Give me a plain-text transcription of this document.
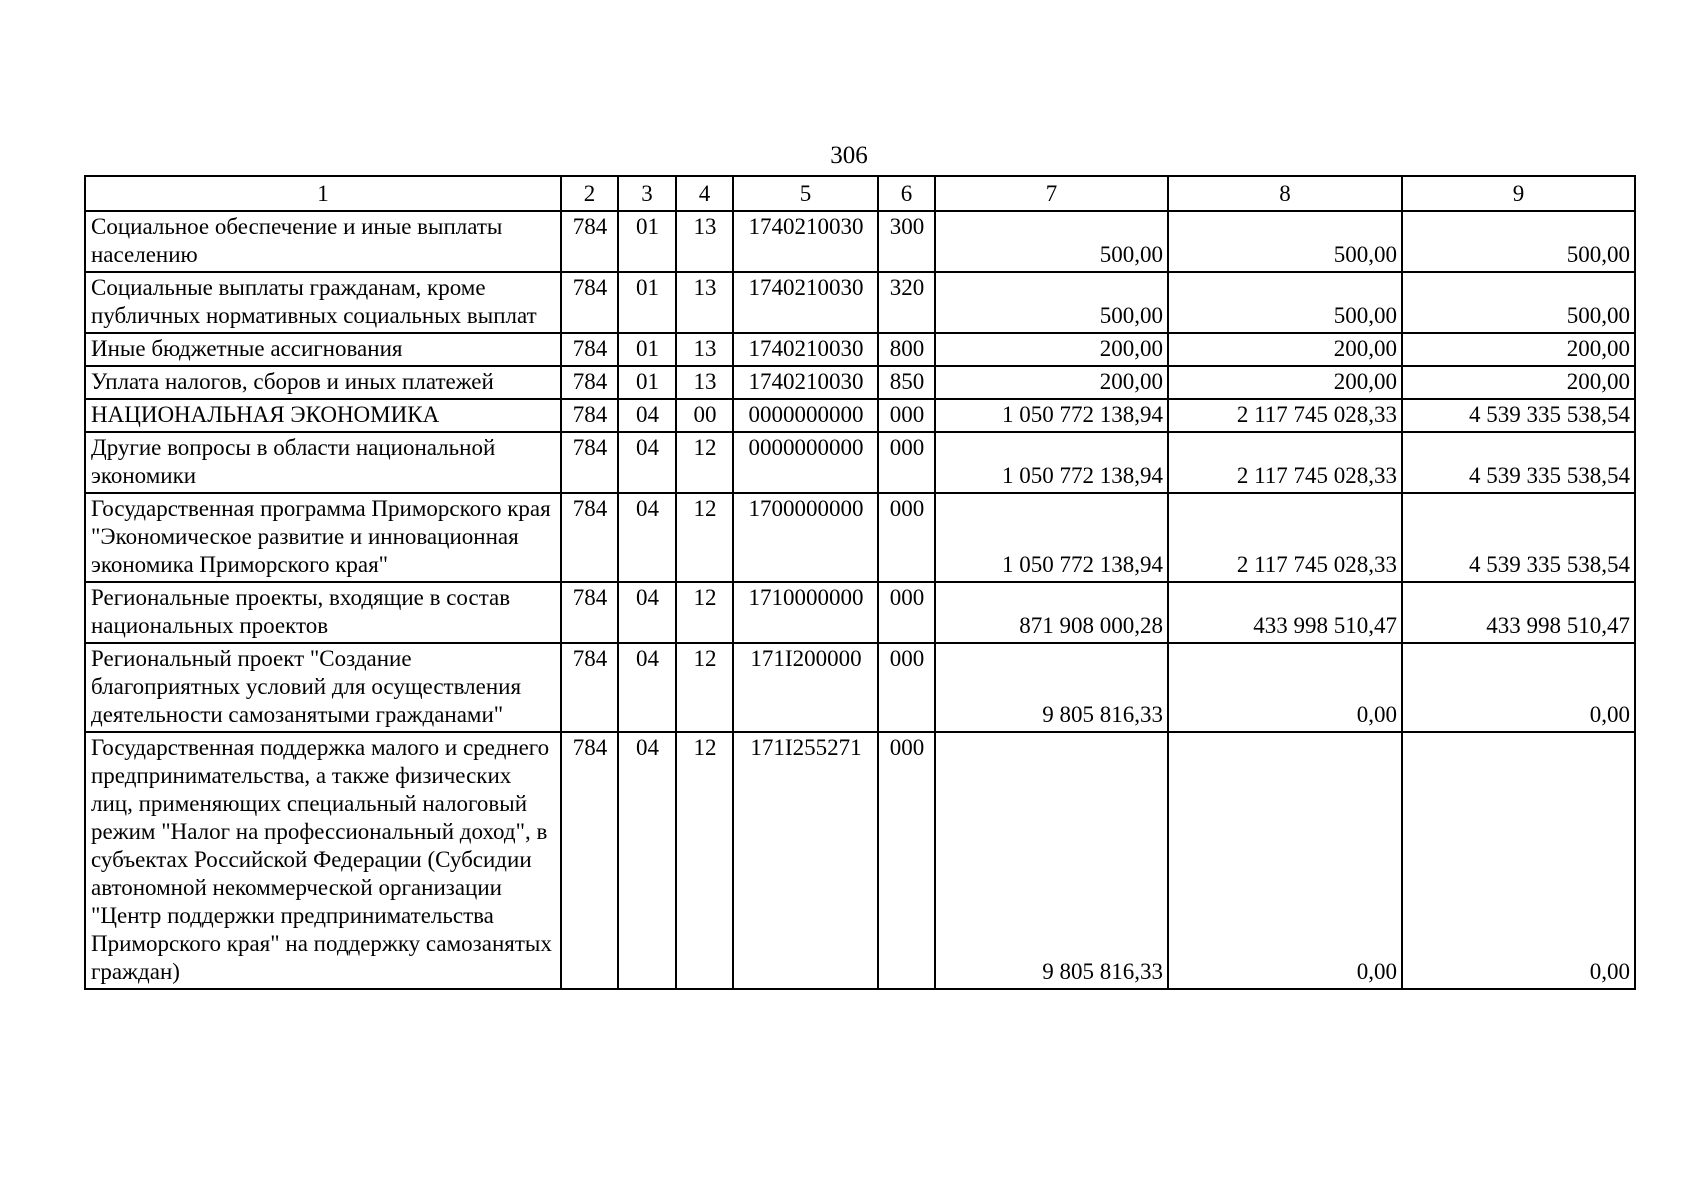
306
1	2	3	4	5	6	7	8	9
Социальное обеспечение и иные выплаты населению	784	01	13	1740210030	300	500,00	500,00	500,00
Социальные выплаты гражданам, кроме публичных нормативных социальных выплат	784	01	13	1740210030	320	500,00	500,00	500,00
Иные бюджетные ассигнования	784	01	13	1740210030	800	200,00	200,00	200,00
Уплата налогов, сборов и иных платежей	784	01	13	1740210030	850	200,00	200,00	200,00
НАЦИОНАЛЬНАЯ ЭКОНОМИКА	784	04	00	0000000000	000	1 050 772 138,94	2 117 745 028,33	4 539 335 538,54
Другие вопросы в области национальной экономики	784	04	12	0000000000	000	1 050 772 138,94	2 117 745 028,33	4 539 335 538,54
Государственная программа Приморского края "Экономическое развитие и инновационная экономика Приморского края"	784	04	12	1700000000	000	1 050 772 138,94	2 117 745 028,33	4 539 335 538,54
Региональные проекты, входящие в состав национальных проектов	784	04	12	1710000000	000	871 908 000,28	433 998 510,47	433 998 510,47
Региональный проект "Создание благоприятных условий для осуществления деятельности самозанятыми гражданами"	784	04	12	171I200000	000	9 805 816,33	0,00	0,00
Государственная поддержка малого и среднего предпринимательства, а также физических лиц, применяющих специальный налоговый режим "Налог на профессиональный доход", в субъектах Российской Федерации (Субсидии автономной некоммерческой организации "Центр поддержки предпринимательства Приморского края" на поддержку самозанятых граждан)	784	04	12	171I255271	000	9 805 816,33	0,00	0,00
